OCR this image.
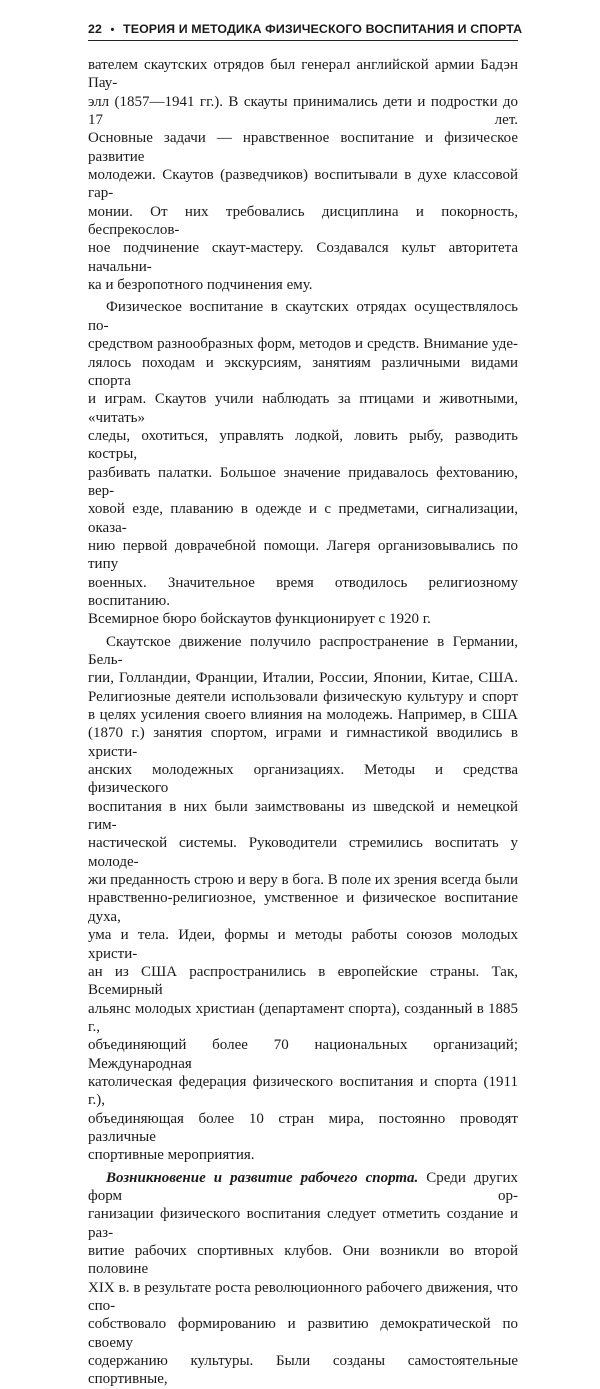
22 • ТЕОРИЯ И МЕТОДИКА ФИЗИЧЕСКОГО ВОСПИТАНИЯ И СПОРТА

вателем скаутских отрядов был генерал английской армии Бадэн Пау-

элл (1857—1941 гг.). В скауты принимались дети и подростки до 17 лет.

Основные задачи — нравственное воспитание и физическое развитие

молодежи. Скаутов (разведчиков) воспитывали в духе классовой гар-

монии. От них требовались дисциплина и покорность, беспрекослов-

ное подчинение скаут-мастеру. Создавался культ авторитета начальни-

ка и безропотного подчинения ему.

Физическое воспитание в скаутских отрядах осуществлялось по-

средством разнообразных форм, методов и средств. Внимание уде-

лялось походам и экскурсиям, занятиям различными видами спорта

и играм. Скаутов учили наблюдать за птицами и животными, «читать»

следы, охотиться, управлять лодкой, ловить рыбу, разводить костры,

разбивать палатки. Большое значение придавалось фехтованию, вер-

ховой езде, плаванию в одежде и с предметами, сигнализации, оказа-

нию первой доврачебной помощи. Лагеря организовывались по типу

военных. Значительное время отводилось религиозному воспитанию.

Всемирное бюро бойскаутов функционирует с 1920 г.

Скаутское движение получило распространение в Германии, Бель-

гии, Голландии, Франции, Италии, России, Японии, Китае, США.

Религиозные деятели использовали физическую культуру и спорт

в целях усиления своего влияния на молодежь. Например, в США

(1870 г.) занятия спортом, играми и гимнастикой вводились в христи-

анских молодежных организациях. Методы и средства физического

воспитания в них были заимствованы из шведской и немецкой гим-

настической системы. Руководители стремились воспитать у молоде-

жи преданность строю и веру в бога. В поле их зрения всегда были

нравственно-религиозное, умственное и физическое воспитание духа,

ума и тела. Идеи, формы и методы работы союзов молодых христи-

ан из США распространились в европейские страны. Так, Всемирный

альянс молодых христиан (департамент спорта), созданный в 1885 г.,

объединяющий более 70 национальных организаций; Международная

католическая федерация физического воспитания и спорта (1911 г.),

объединяющая более 10 стран мира, постоянно проводят различные

спортивные мероприятия.

Возникновение и развитие рабочего спорта. Среди других форм ор-

ганизации физического воспитания следует отметить создание и раз-

витие рабочих спортивных клубов. Они возникли во второй половине

XIX в. в результате роста революционного рабочего движения, что спо-

собствовало формированию и развитию демократической по своему

содержанию культуры. Были созданы самостоятельные спортивные,
